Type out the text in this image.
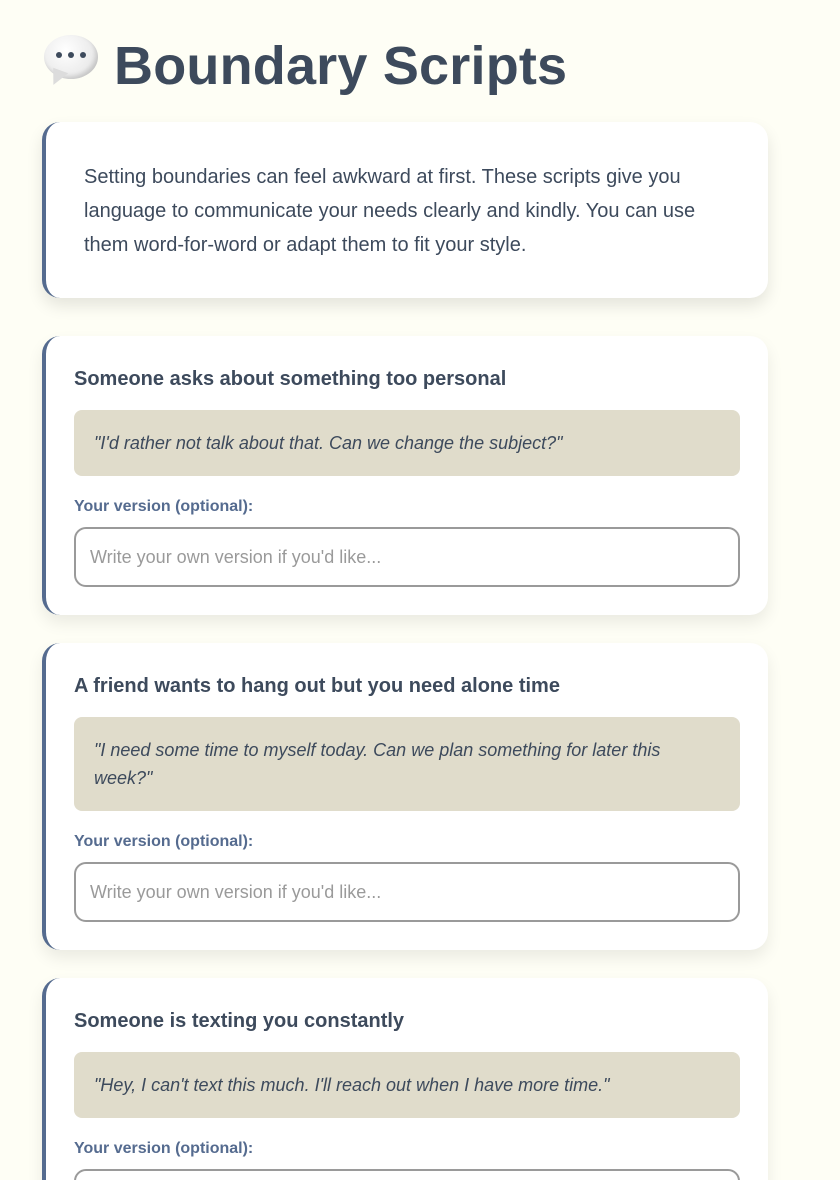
Boundary Scripts
Setting boundaries can feel awkward at first. These scripts give you language to communicate your needs clearly and kindly. You can use them word-for-word or adapt them to fit your style.
Someone asks about something too personal
"I'd rather not talk about that. Can we change the subject?"
Your version (optional):
Write your own version if you'd like...
A friend wants to hang out but you need alone time
"I need some time to myself today. Can we plan something for later this week?"
Your version (optional):
Write your own version if you'd like...
Someone is texting you constantly
"Hey, I can't text this much. I'll reach out when I have more time."
Your version (optional):
Write your own version if you'd like...
